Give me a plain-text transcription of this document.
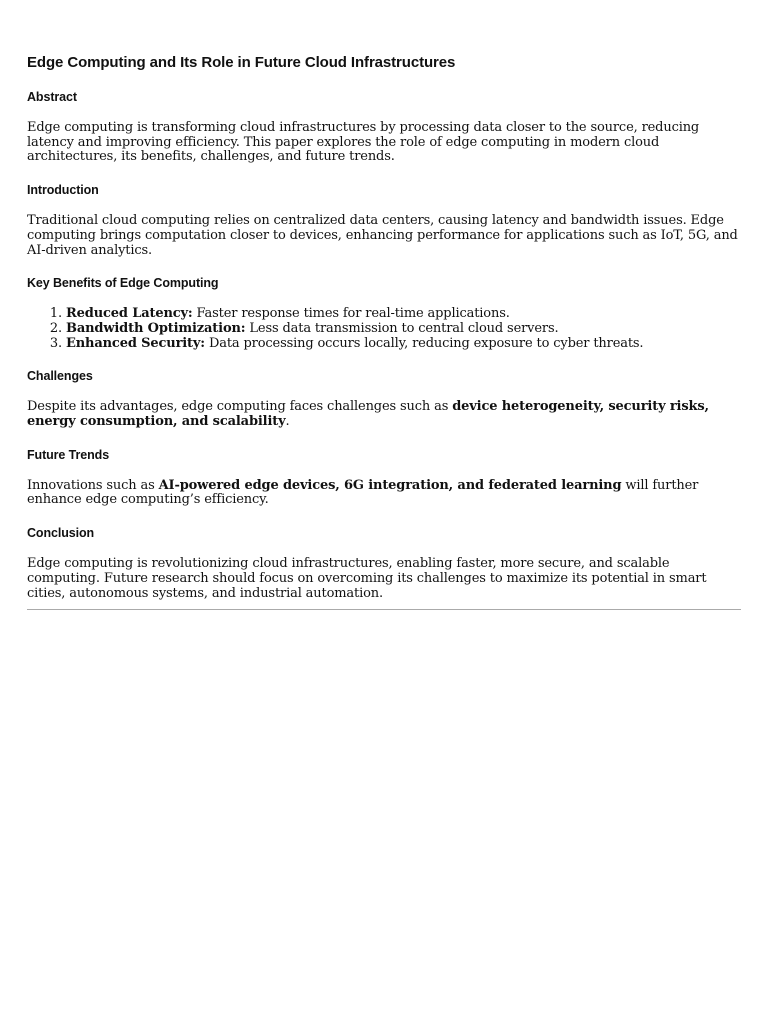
Edge Computing and Its Role in Future Cloud Infrastructures
Abstract

Edge computing is transforming cloud infrastructures by processing data closer to the source, reducing latency and improving efficiency. This paper explores the role of edge computing in modern cloud architectures, its benefits, challenges, and future trends.

Introduction

Traditional cloud computing relies on centralized data centers, causing latency and bandwidth issues. Edge computing brings computation closer to devices, enhancing performance for applications such as IoT, 5G, and AI-driven analytics.

Key Benefits of Edge Computing
1. Reduced Latency: Faster response times for real-time applications.
2. Bandwidth Optimization: Less data transmission to central cloud servers.
3. Enhanced Security: Data processing occurs locally, reducing exposure to cyber threats.
Challenges

Despite its advantages, edge computing faces challenges such as device heterogeneity, security risks, energy consumption, and scalability.

Future Trends

Innovations such as AI-powered edge devices, 6G integration, and federated learning will further enhance edge computing’s efficiency.

Conclusion

Edge computing is revolutionizing cloud infrastructures, enabling faster, more secure, and scalable computing. Future research should focus on overcoming its challenges to maximize its potential in smart cities, autonomous systems, and industrial automation.
